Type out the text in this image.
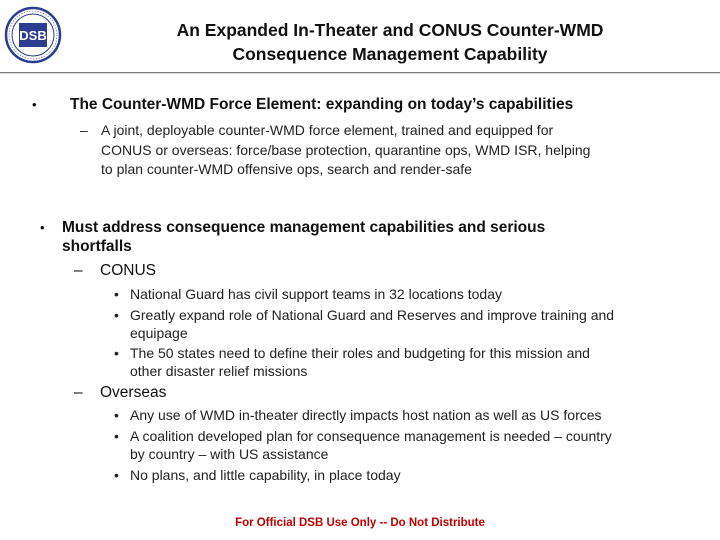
DSB	An Expanded In-Theater and CONUS Counter-WMD
Consequence Management Capability
• The Counter-WMD Force Element: expanding on today’s capabilities
– A joint, deployable counter-WMD force element, trained and equipped for
CONUS or overseas: force/base protection, quarantine ops, WMD ISR, helping
to plan counter-WMD offensive ops, search and render-safe
• Must address consequence management capabilities and serious
shortfalls
– CONUS
• National Guard has civil support teams in 32 locations today
• Greatly expand role of National Guard and Reserves and improve training and
equipage
• The 50 states need to define their roles and budgeting for this mission and
other disaster relief missions
– Overseas
• Any use of WMD in-theater directly impacts host nation as well as US forces
• A coalition developed plan for consequence management is needed – country
by country – with US assistance
• No plans, and little capability, in place today
For Official DSB Use Only -- Do Not Distribute
